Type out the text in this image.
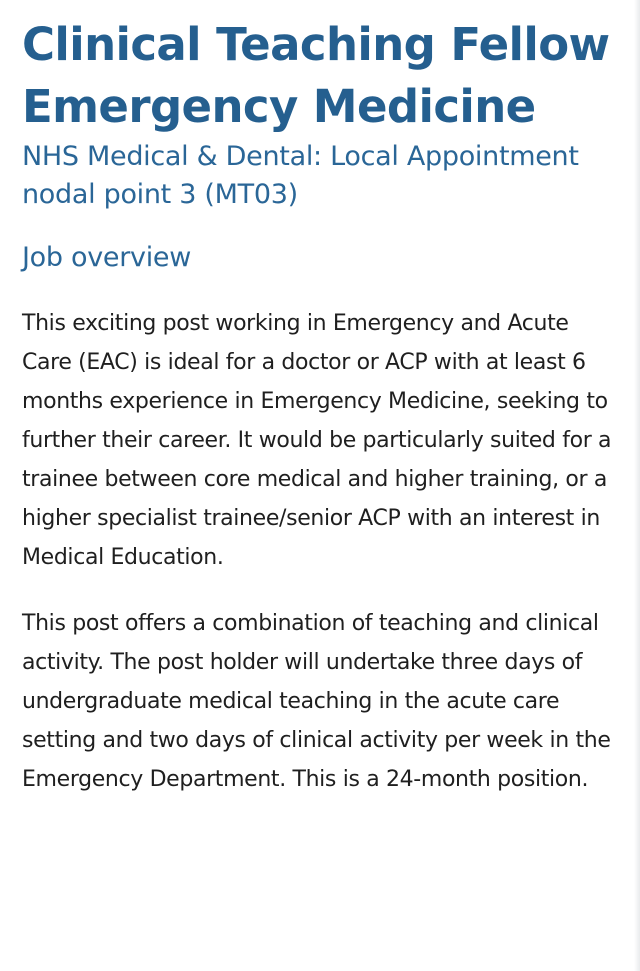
Clinical Teaching Fellow Emergency Medicine

NHS Medical & Dental: Local Appointment nodal point 3 (MT03)

Job overview

This exciting post working in Emergency and Acute Care (EAC) is ideal for a doctor or ACP with at least 6 months experience in Emergency Medicine, seeking to further their career. It would be particularly suited for a trainee between core medical and higher training, or a higher specialist trainee/senior ACP with an interest in Medical Education.

This post offers a combination of teaching and clinical activity. The post holder will undertake three days of undergraduate medical teaching in the acute care setting and two days of clinical activity per week in the Emergency Department. This is a 24-month position.
